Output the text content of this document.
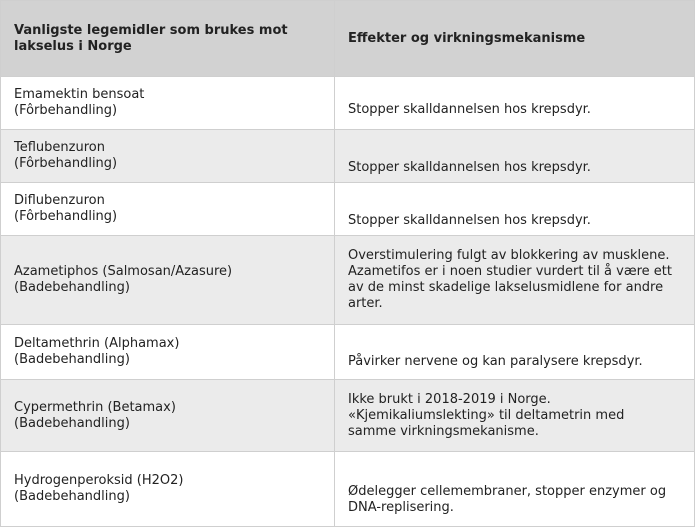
Vanligste legemidler som brukes mot lakselus i Norge	Effekter og virkningsmekanisme

Emamektin bensoat
(Fôrbehandling)	Stopper skalldannelsen hos krepsdyr.

Teflubenzuron
(Fôrbehandling)	Stopper skalldannelsen hos krepsdyr.

Diflubenzuron
(Fôrbehandling)	Stopper skalldannelsen hos krepsdyr.

Azametiphos (Salmosan/Azasure)
(Badebehandling)	Overstimulering fulgt av blokkering av musklene. Azametifos er i noen studier vurdert til å være ett av de minst skadelige lakselusmidlene for andre arter.

Deltamethrin (Alphamax)
(Badebehandling)	Påvirker nervene og kan paralysere krepsdyr.

Cypermethrin (Betamax)
(Badebehandling)	Ikke brukt i 2018-2019 i Norge. «Kjemikaliumslekting» til deltametrin med samme virkningsmekanisme.

Hydrogenperoksid (H2O2)
(Badebehandling)	Ødelegger cellemembraner, stopper enzymer og DNA-replisering.
